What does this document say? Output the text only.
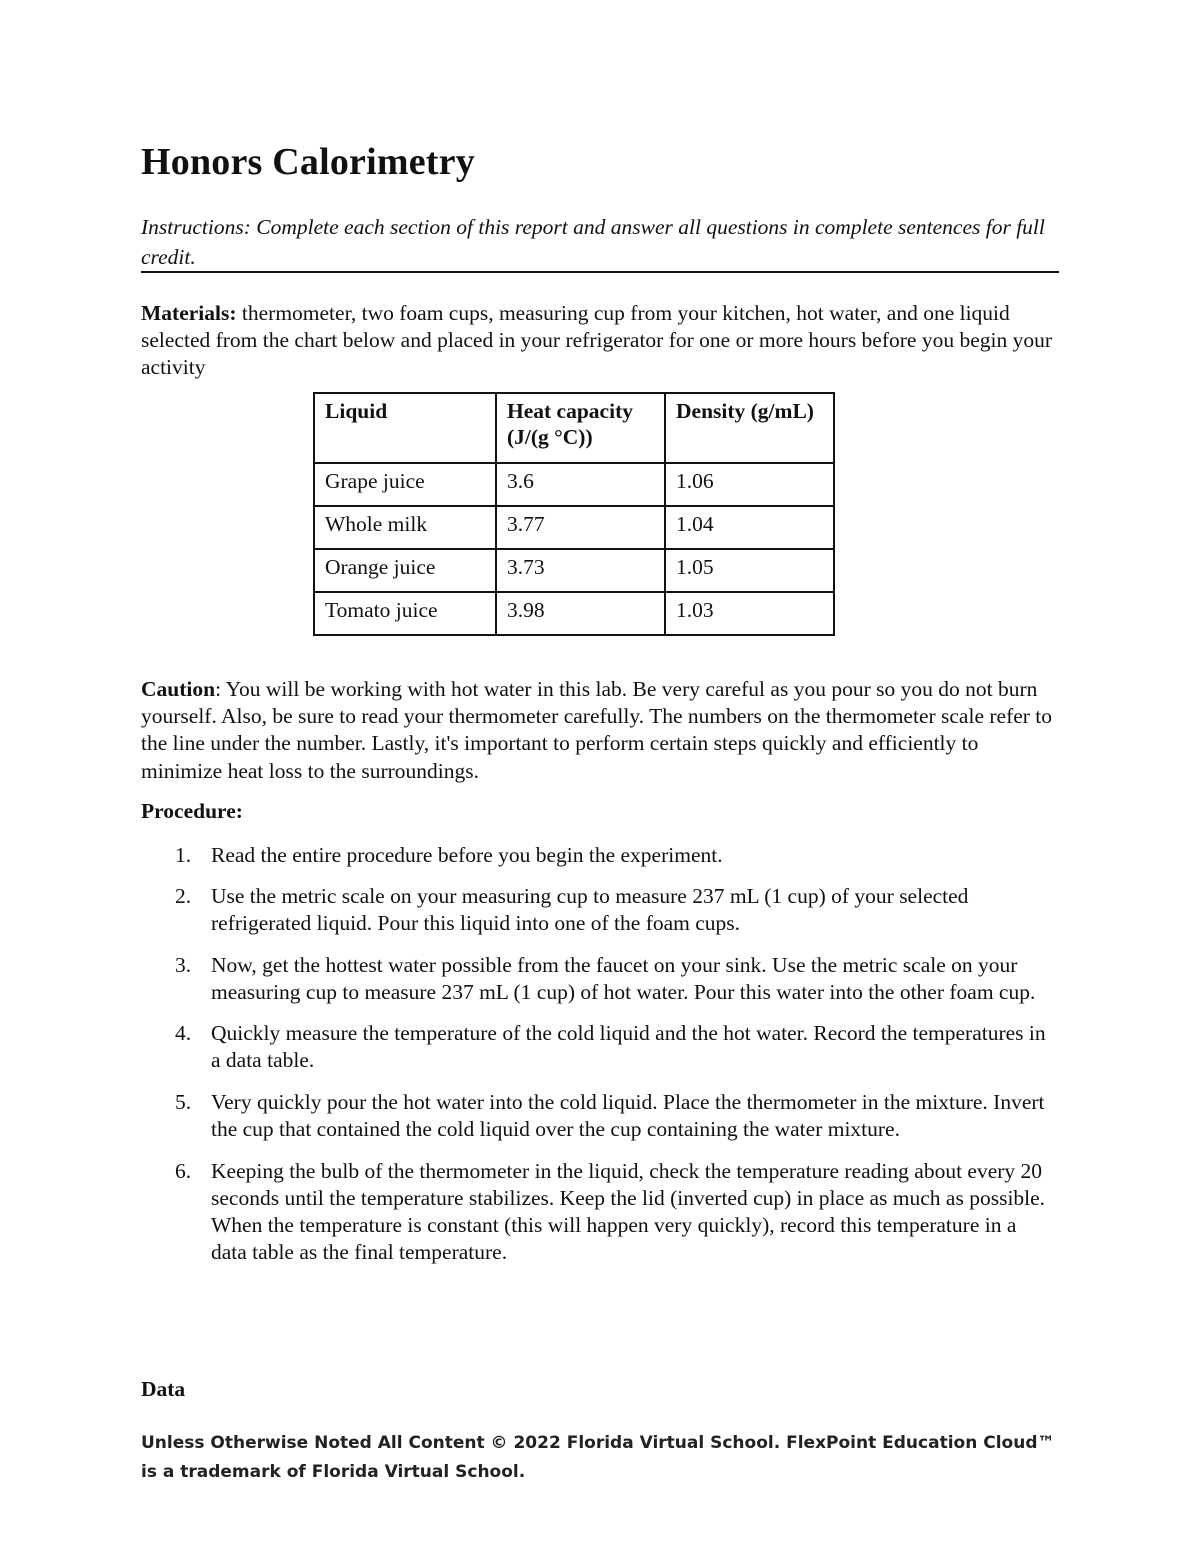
Honors Calorimetry

Instructions: Complete each section of this report and answer all questions in complete sentences for full credit.

Materials: thermometer, two foam cups, measuring cup from your kitchen, hot water, and one liquid selected from the chart below and placed in your refrigerator for one or more hours before you begin your activity

Liquid	Heat capacity (J/(g °C))	Density (g/mL)
Grape juice	3.6	1.06
Whole milk	3.77	1.04
Orange juice	3.73	1.05
Tomato juice	3.98	1.03

Caution: You will be working with hot water in this lab. Be very careful as you pour so you do not burn yourself. Also, be sure to read your thermometer carefully. The numbers on the thermometer scale refer to the line under the number. Lastly, it's important to perform certain steps quickly and efficiently to minimize heat loss to the surroundings.

Procedure:
1. Read the entire procedure before you begin the experiment.
2. Use the metric scale on your measuring cup to measure 237 mL (1 cup) of your selected refrigerated liquid. Pour this liquid into one of the foam cups.
3. Now, get the hottest water possible from the faucet on your sink. Use the metric scale on your measuring cup to measure 237 mL (1 cup) of hot water. Pour this water into the other foam cup.
4. Quickly measure the temperature of the cold liquid and the hot water. Record the temperatures in a data table.
5. Very quickly pour the hot water into the cold liquid. Place the thermometer in the mixture. Invert the cup that contained the cold liquid over the cup containing the water mixture.
6. Keeping the bulb of the thermometer in the liquid, check the temperature reading about every 20 seconds until the temperature stabilizes. Keep the lid (inverted cup) in place as much as possible. When the temperature is constant (this will happen very quickly), record this temperature in a data table as the final temperature.
Data

Unless Otherwise Noted All Content © 2022 Florida Virtual School. FlexPoint Education Cloud™ is a trademark of Florida Virtual School.
